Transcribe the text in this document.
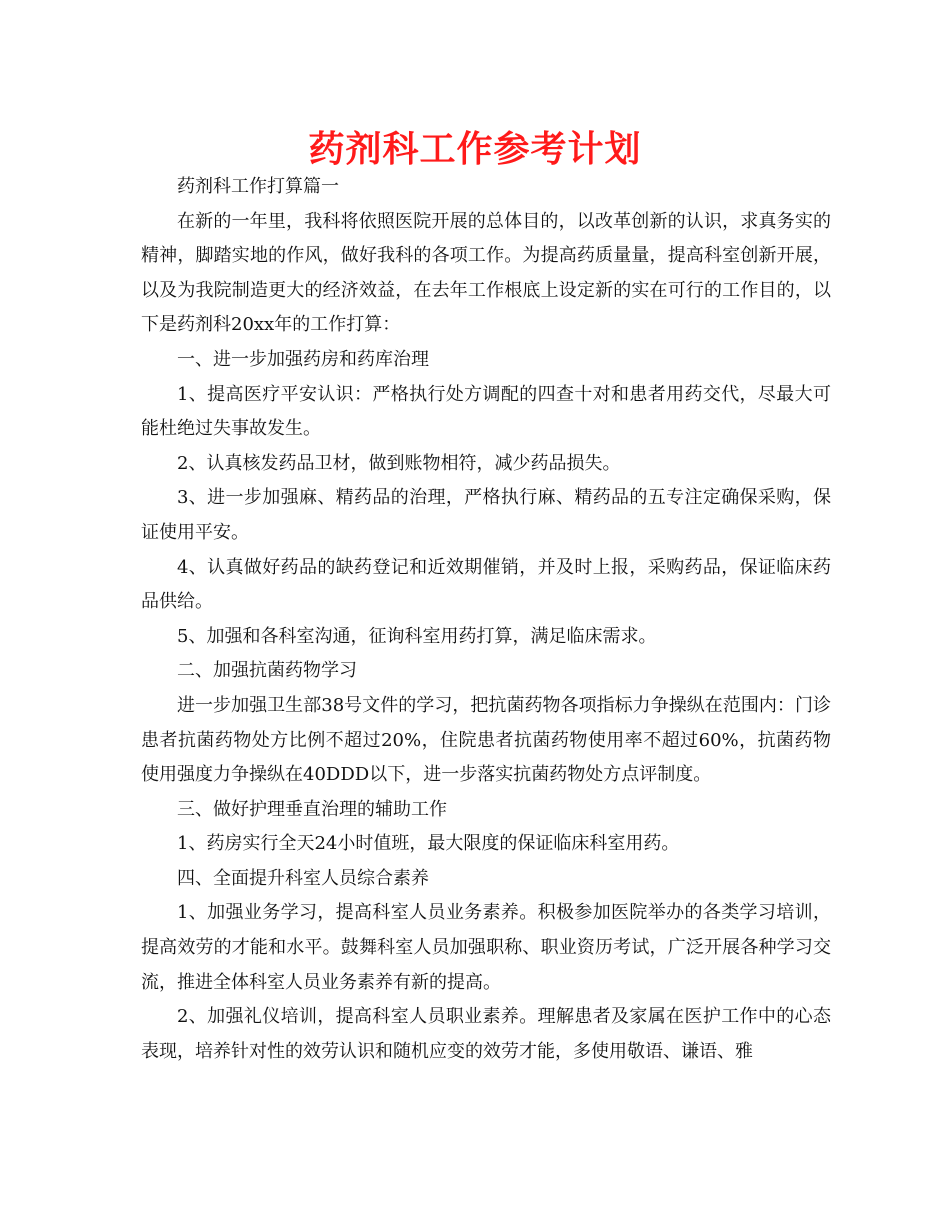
药剂科工作参考计划

药剂科工作打算篇一

在新的一年里，我科将依照医院开展的总体目的，以改革创新的认识，求真务实的精神，脚踏实地的作风，做好我科的各项工作。为提高药质量量，提高科室创新开展，以及为我院制造更大的经济效益，在去年工作根底上设定新的实在可行的工作目的，以下是药剂科20xx年的工作打算：

一、进一步加强药房和药库治理

1、提高医疗平安认识：严格执行处方调配的四查十对和患者用药交代，尽最大可能杜绝过失事故发生。

2、认真核发药品卫材，做到账物相符，减少药品损失。

3、进一步加强麻、精药品的治理，严格执行麻、精药品的五专注定确保采购，保证使用平安。

4、认真做好药品的缺药登记和近效期催销，并及时上报，采购药品，保证临床药品供给。

5、加强和各科室沟通，征询科室用药打算，满足临床需求。

二、加强抗菌药物学习

进一步加强卫生部38号文件的学习，把抗菌药物各项指标力争操纵在范围内：门诊患者抗菌药物处方比例不超过20%，住院患者抗菌药物使用率不超过60%，抗菌药物使用强度力争操纵在40DDD以下，进一步落实抗菌药物处方点评制度。

三、做好护理垂直治理的辅助工作

1、药房实行全天24小时值班，最大限度的保证临床科室用药。

四、全面提升科室人员综合素养

1、加强业务学习，提高科室人员业务素养。积极参加医院举办的各类学习培训，提高效劳的才能和水平。鼓舞科室人员加强职称、职业资历考试，广泛开展各种学习交流，推进全体科室人员业务素养有新的提高。

2、加强礼仪培训，提高科室人员职业素养。理解患者及家属在医护工作中的心态表现，培养针对性的效劳认识和随机应变的效劳才能，多使用敬语、谦语、雅
